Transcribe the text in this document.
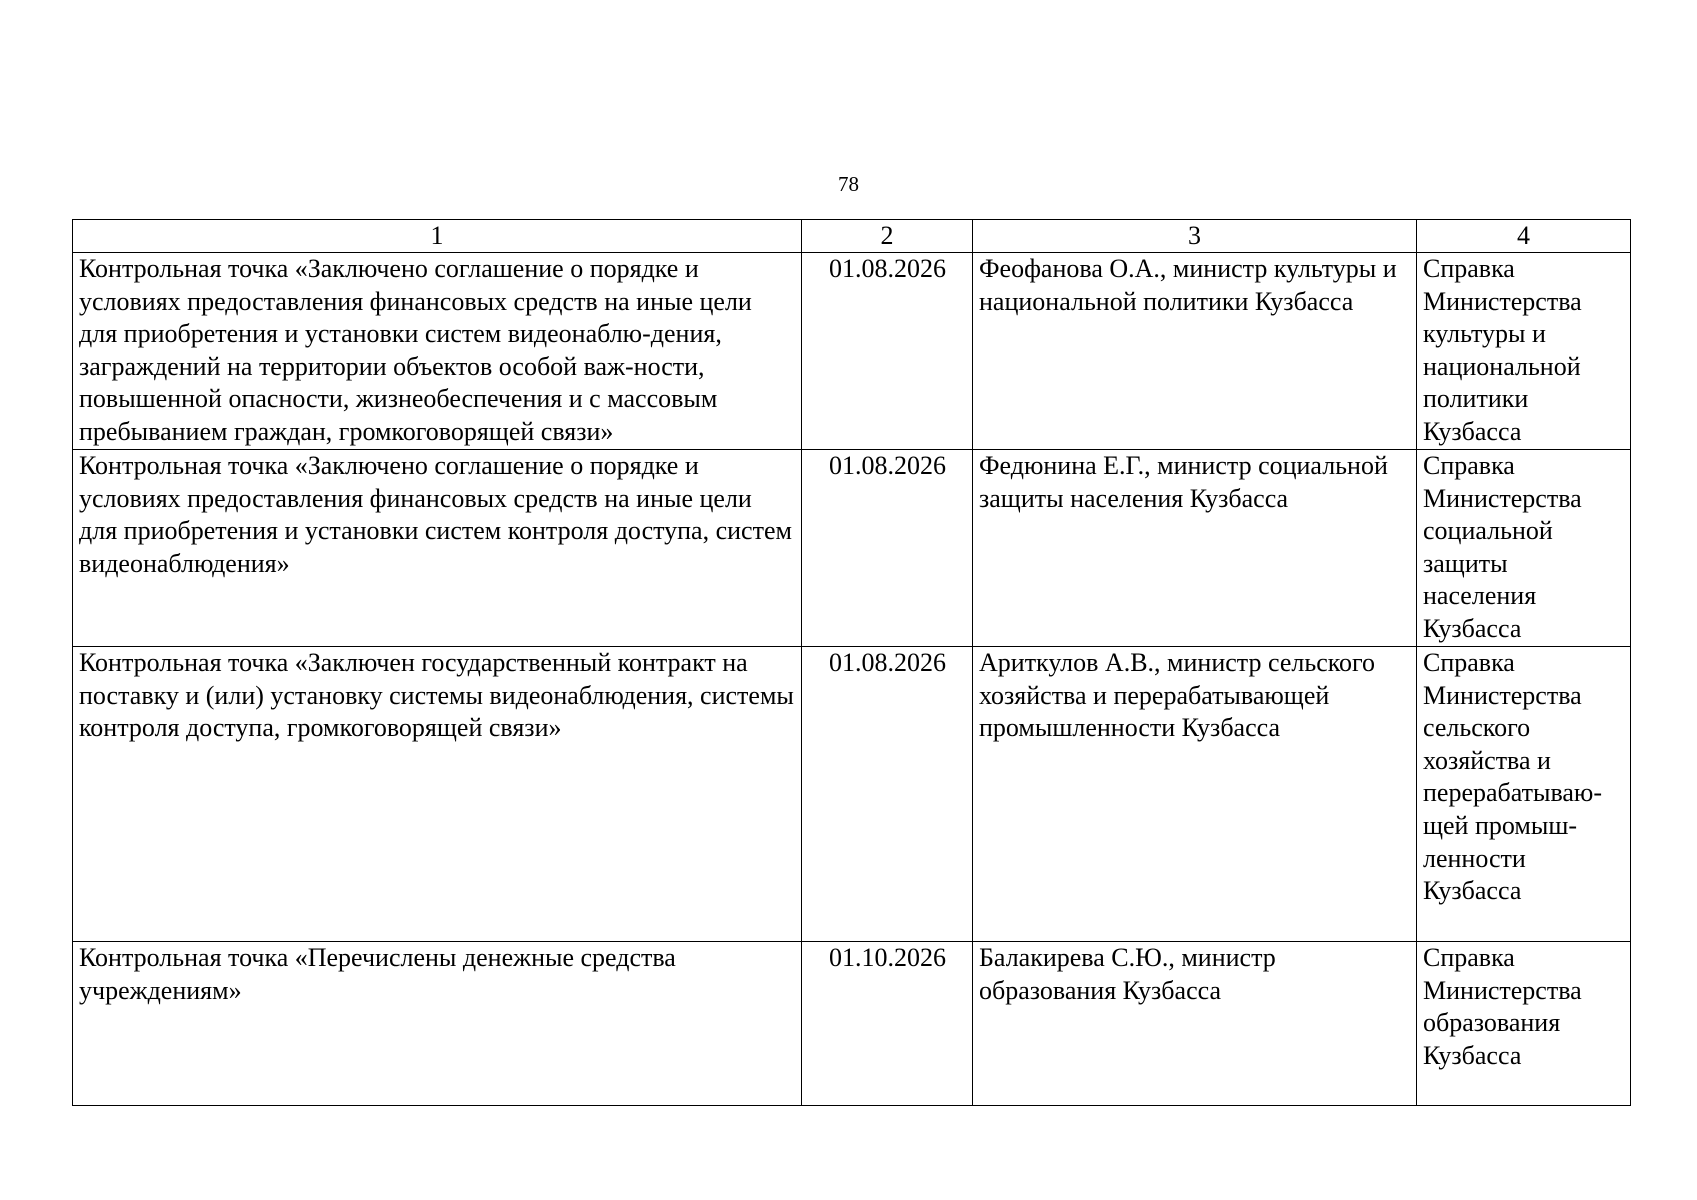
78
1	2	3	4
Контрольная точка «Заключено соглашение о порядке и условиях предоставления финансовых средств на иные цели для приобретения и установки систем видеонаблю-дения, заграждений на территории объектов особой важ-ности, повышенной опасности, жизнеобеспечения и с массовым пребыванием граждан, громкоговорящей связи»	01.08.2026	Феофанова О.А., министр культуры и национальной политики Кузбасса	Справка Министерства культуры и национальной политики Кузбасса
Контрольная точка «Заключено соглашение о порядке и условиях предоставления финансовых средств на иные цели для приобретения и установки систем контроля доступа, систем видеонаблюдения»	01.08.2026	Федюнина Е.Г., министр социальной защиты населения Кузбасса	Справка Министерства социальной защиты населения Кузбасса
Контрольная точка «Заключен государственный контракт на поставку и (или) установку системы видеонаблюдения, системы контроля доступа, громкоговорящей связи»	01.08.2026	Ариткулов А.В., министр сельского хозяйства и перерабатывающей промышленности Кузбасса	Справка Министерства сельского хозяйства и перерабатываю-щей промыш-ленности Кузбасса
Контрольная точка «Перечислены денежные средства учреждениям»	01.10.2026	Балакирева С.Ю., министр образования Кузбасса	Справка Министерства образования Кузбасса
